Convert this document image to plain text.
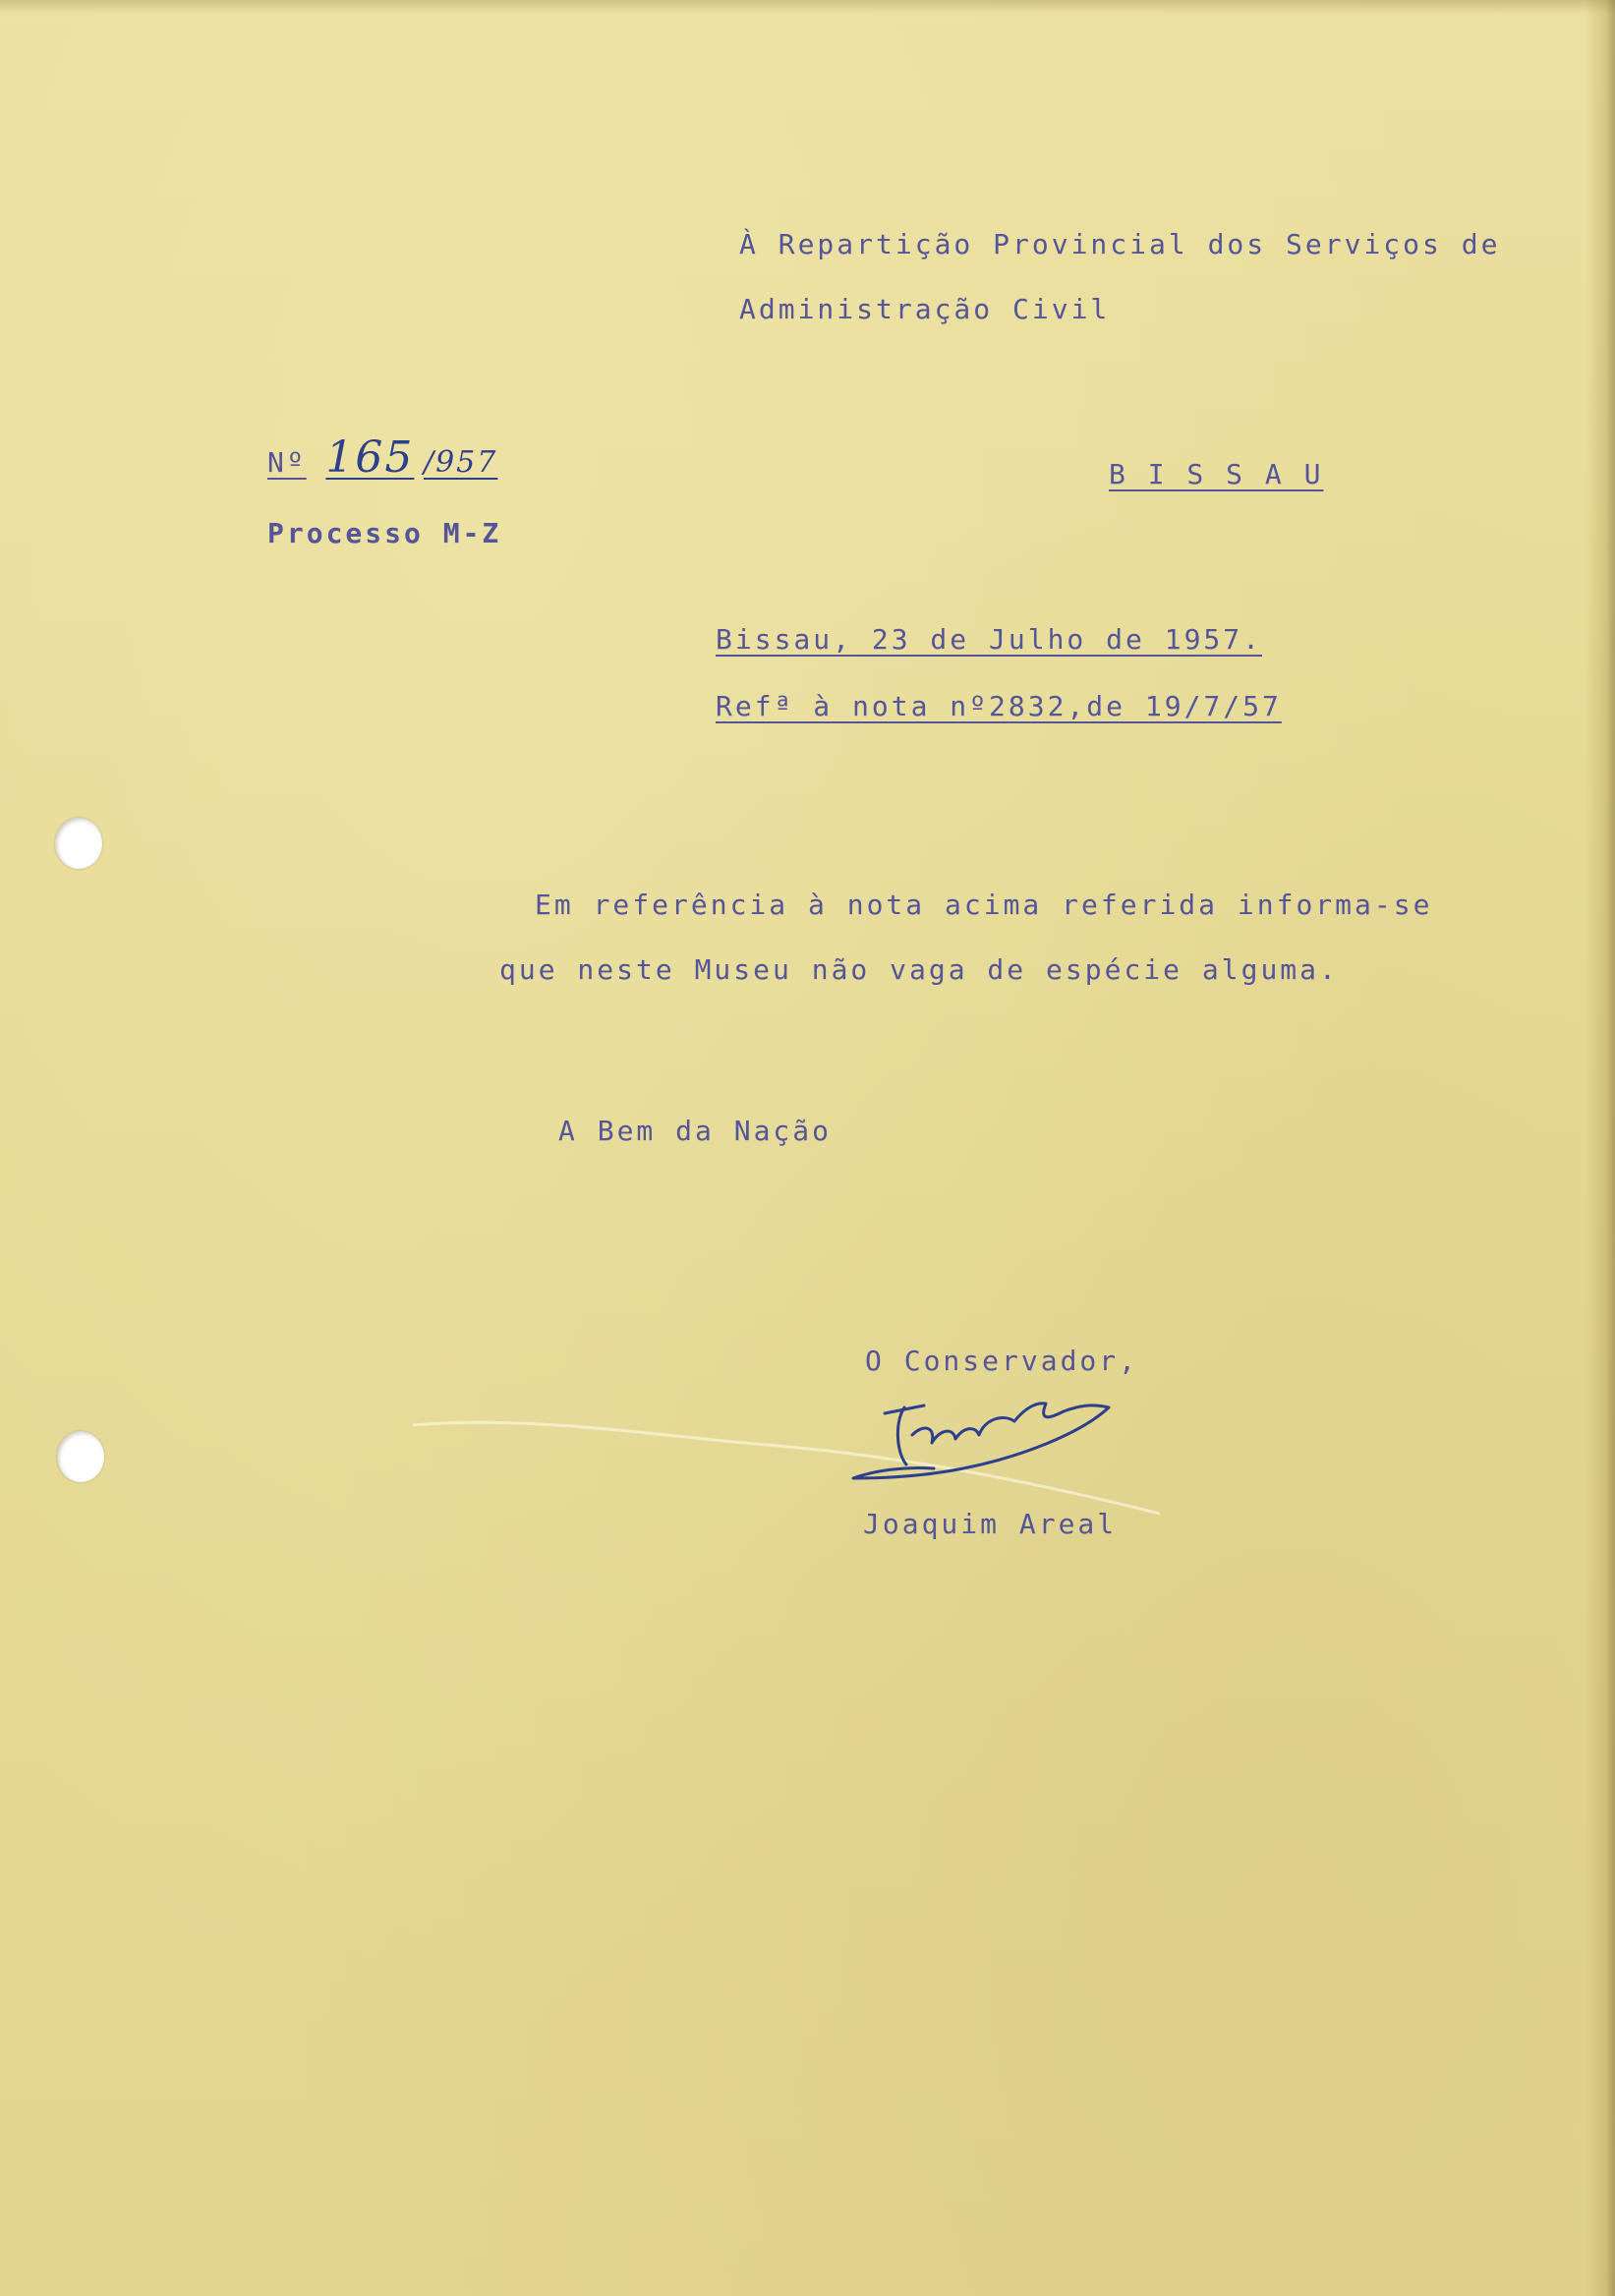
À Repartição Provincial dos Serviços de
Administração Civil
Nº 165 /957
Processo M-Z
B I S S A U
Bissau, 23 de Julho de 1957.
Refª à nota nº2832,de 19/7/57
Em referência à nota acima referida informa-se
que neste Museu não vaga de espécie alguma.
A Bem da Nação
O Conservador,
Joaquim Areal
